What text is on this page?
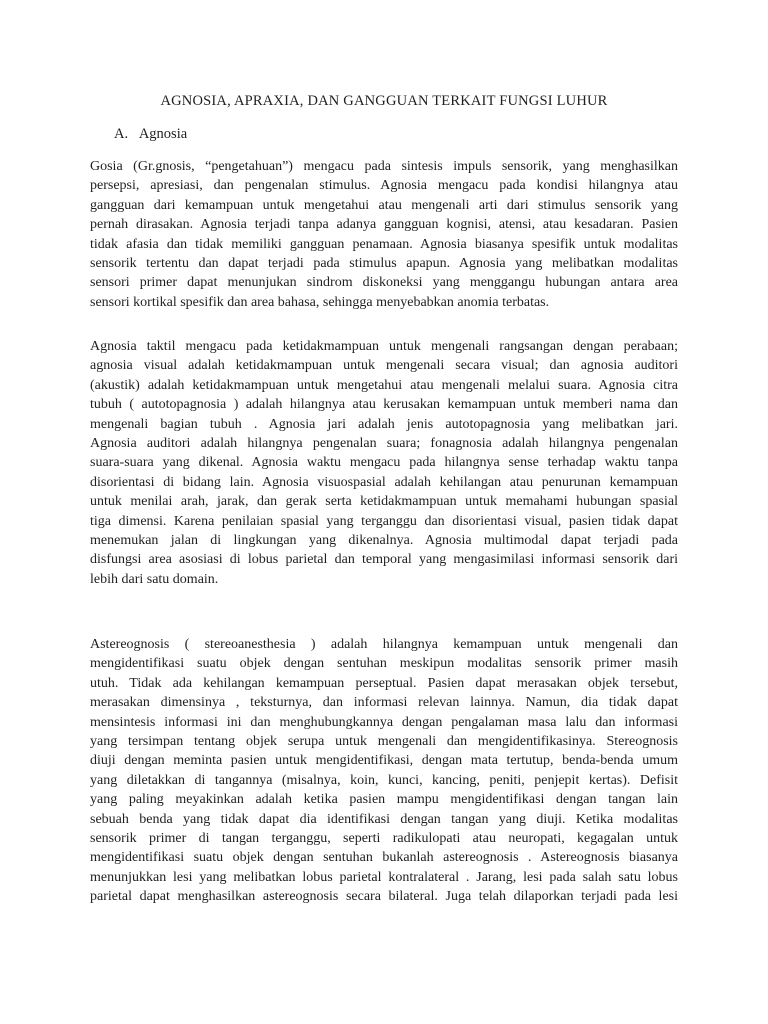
AGNOSIA, APRAXIA, DAN GANGGUAN TERKAIT FUNGSI LUHUR
A. Agnosia

Gosia (Gr.gnosis, “pengetahuan”) mengacu pada sintesis impuls sensorik, yang menghasilkan
persepsi, apresiasi, dan pengenalan stimulus. Agnosia mengacu pada kondisi hilangnya atau
gangguan dari kemampuan untuk mengetahui atau mengenali arti dari stimulus sensorik yang
pernah dirasakan. Agnosia terjadi tanpa adanya gangguan kognisi, atensi, atau kesadaran. Pasien
tidak afasia dan tidak memiliki gangguan penamaan. Agnosia biasanya spesifik untuk modalitas
sensorik tertentu dan dapat terjadi pada stimulus apapun. Agnosia yang melibatkan modalitas
sensori primer dapat menunjukan sindrom diskoneksi yang menggangu hubungan antara area
sensori kortikal spesifik dan area bahasa, sehingga menyebabkan anomia terbatas.

Agnosia taktil mengacu pada ketidakmampuan untuk mengenali rangsangan dengan perabaan;
agnosia visual adalah ketidakmampuan untuk mengenali secara visual; dan agnosia auditori
(akustik) adalah ketidakmampuan untuk mengetahui atau mengenali melalui suara. Agnosia citra
tubuh ( autotopagnosia ) adalah hilangnya atau kerusakan kemampuan untuk memberi nama dan
mengenali bagian tubuh . Agnosia jari adalah jenis autotopagnosia yang melibatkan jari.
Agnosia auditori adalah hilangnya pengenalan suara; fonagnosia adalah hilangnya pengenalan
suara-suara yang dikenal. Agnosia waktu mengacu pada hilangnya sense terhadap waktu tanpa
disorientasi di bidang lain. Agnosia visuospasial adalah kehilangan atau penurunan kemampuan
untuk menilai arah, jarak, dan gerak serta ketidakmampuan untuk memahami hubungan spasial
tiga dimensi. Karena penilaian spasial yang terganggu dan disorientasi visual, pasien tidak dapat
menemukan jalan di lingkungan yang dikenalnya. Agnosia multimodal dapat terjadi pada
disfungsi area asosiasi di lobus parietal dan temporal yang mengasimilasi informasi sensorik dari
lebih dari satu domain.

Astereognosis ( stereoanesthesia ) adalah hilangnya kemampuan untuk mengenali dan
mengidentifikasi suatu objek dengan sentuhan meskipun modalitas sensorik primer masih
utuh. Tidak ada kehilangan kemampuan perseptual. Pasien dapat merasakan objek tersebut,
merasakan dimensinya , teksturnya, dan informasi relevan lainnya. Namun, dia tidak dapat
mensintesis informasi ini dan menghubungkannya dengan pengalaman masa lalu dan informasi
yang tersimpan tentang objek serupa untuk mengenali dan mengidentifikasinya. Stereognosis
diuji dengan meminta pasien untuk mengidentifikasi, dengan mata tertutup, benda-benda umum
yang diletakkan di tangannya (misalnya, koin, kunci, kancing, peniti, penjepit kertas). Defisit
yang paling meyakinkan adalah ketika pasien mampu mengidentifikasi dengan tangan lain
sebuah benda yang tidak dapat dia identifikasi dengan tangan yang diuji. Ketika modalitas
sensorik primer di tangan terganggu, seperti radikulopati atau neuropati, kegagalan untuk
mengidentifikasi suatu objek dengan sentuhan bukanlah astereognosis . Astereognosis biasanya
menunjukkan lesi yang melibatkan lobus parietal kontralateral . Jarang, lesi pada salah satu lobus
parietal dapat menghasilkan astereognosis secara bilateral. Juga telah dilaporkan terjadi pada lesi
